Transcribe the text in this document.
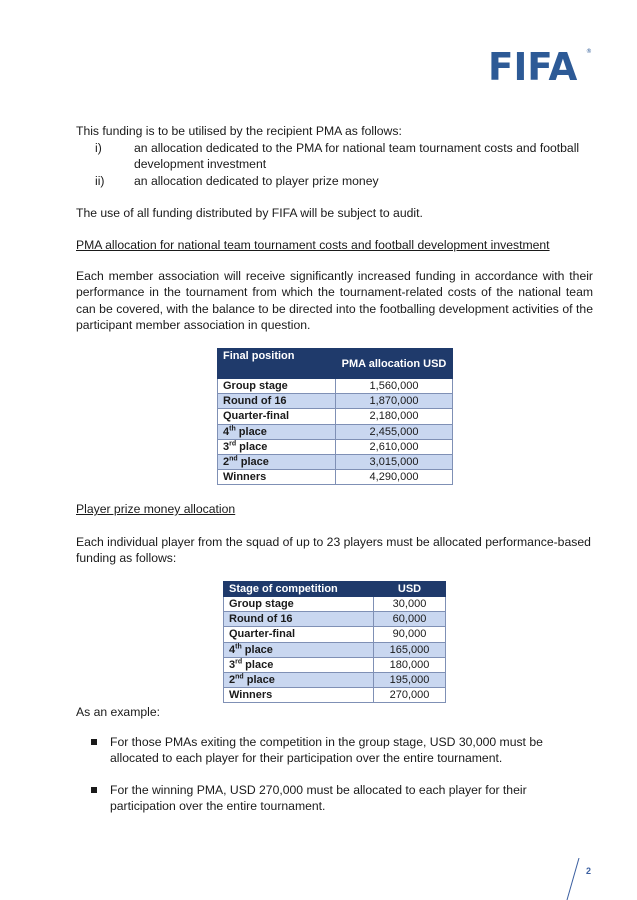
FIFA ®
This funding is to be utilised by the recipient PMA as follows:
i)	an allocation dedicated to the PMA for national team tournament costs and football development investment
ii) an allocation dedicated to player prize money
The use of all funding distributed by FIFA will be subject to audit.
PMA allocation for national team tournament costs and football development investment
Each member association will receive significantly increased funding in accordance with their performance in the tournament from which the tournament-related costs of the national team can be covered, with the balance to be directed into the footballing development activities of the participant member association in question.
Final position	PMA allocation USD
Group stage	1,560,000
Round of 16	1,870,000
Quarter-final	2,180,000
4th place	2,455,000
3rd place	2,610,000
2nd place	3,015,000
Winners	4,290,000
Player prize money allocation
Each individual player from the squad of up to 23 players must be allocated performance-based funding as follows:
Stage of competition	USD
Group stage	30,000
Round of 16	60,000
Quarter-final	90,000
4th place	165,000
3rd place	180,000
2nd place	195,000
Winners	270,000
As an example:
For those PMAs exiting the competition in the group stage, USD 30,000 must be allocated to each player for their participation over the entire tournament.
For the winning PMA, USD 270,000 must be allocated to each player for their participation over the entire tournament.
2
